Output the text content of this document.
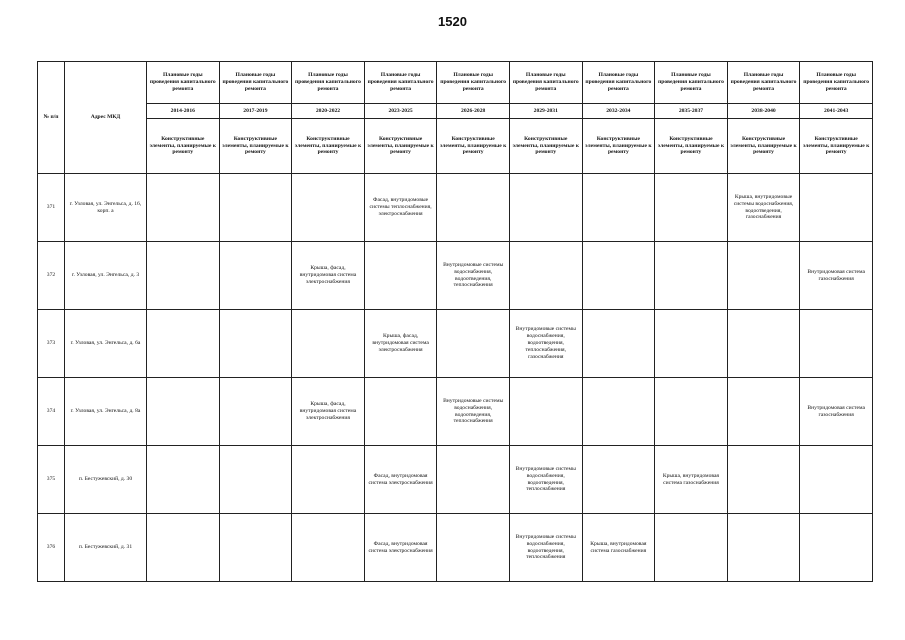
1520
№ п/п	Адрес МКД	Плановые годы проведения капитального ремонта	Плановые годы проведения капитального ремонта	Плановые годы проведения капитального ремонта	Плановые годы проведения капитального ремонта	Плановые годы проведения капитального ремонта	Плановые годы проведения капитального ремонта	Плановые годы проведения капитального ремонта	Плановые годы проведения капитального ремонта	Плановые годы проведения капитального ремонта	Плановые годы проведения капитального ремонта
		2014-2016	2017-2019	2020-2022	2023-2025	2026-2028	2029-2031	2032-2034	2035-2037	2038-2040	2041-2043
		Конструктивные элементы, планируемые к ремонту	Конструктивные элементы, планируемые к ремонту	Конструктивные элементы, планируемые к ремонту	Конструктивные элементы, планируемые к ремонту	Конструктивные элементы, планируемые к ремонту	Конструктивные элементы, планируемые к ремонту	Конструктивные элементы, планируемые к ремонту	Конструктивные элементы, планируемые к ремонту	Конструктивные элементы, планируемые к ремонту	Конструктивные элементы, планируемые к ремонту
371	г. Узловая, ул. Энгельса, д. 16, корп. а				Фасад, внутридомовые системы теплоснабжения, электроснабжения					Крыша, внутридомовые системы водоснабжения, водоотведения, газоснабжения	
372	г. Узловая, ул. Энгельса, д. 3			Крыша, фасад, внутридомовая система электроснабжения		Внутридомовые системы водоснабжения, водоотведения, теплоснабжения					Внутридомовая система газоснабжения
373	г. Узловая, ул. Энгельса, д. 6а				Крыша, фасад, внутридомовая система электроснабжения		Внутридомовые системы водоснабжения, водоотведения, теплоснабжения, газоснабжения				
374	г. Узловая, ул. Энгельса, д. 8а			Крыша, фасад, внутридомовая система электроснабжения		Внутридомовые системы водоснабжения, водоотведения, теплоснабжения					Внутридомовая система газоснабжения
375	п. Бестужевский, д. 30				Фасад, внутридомовая система электроснабжения		Внутридомовые системы водоснабжения, водоотведения, теплоснабжения		Крыша, внутридомовая система газоснабжения		
376	п. Бестужевский, д. 31				Фасад, внутридомовая система электроснабжения		Внутридомовые системы водоснабжения, водоотведения, теплоснабжения	Крыша, внутридомовая система газоснабжения			
